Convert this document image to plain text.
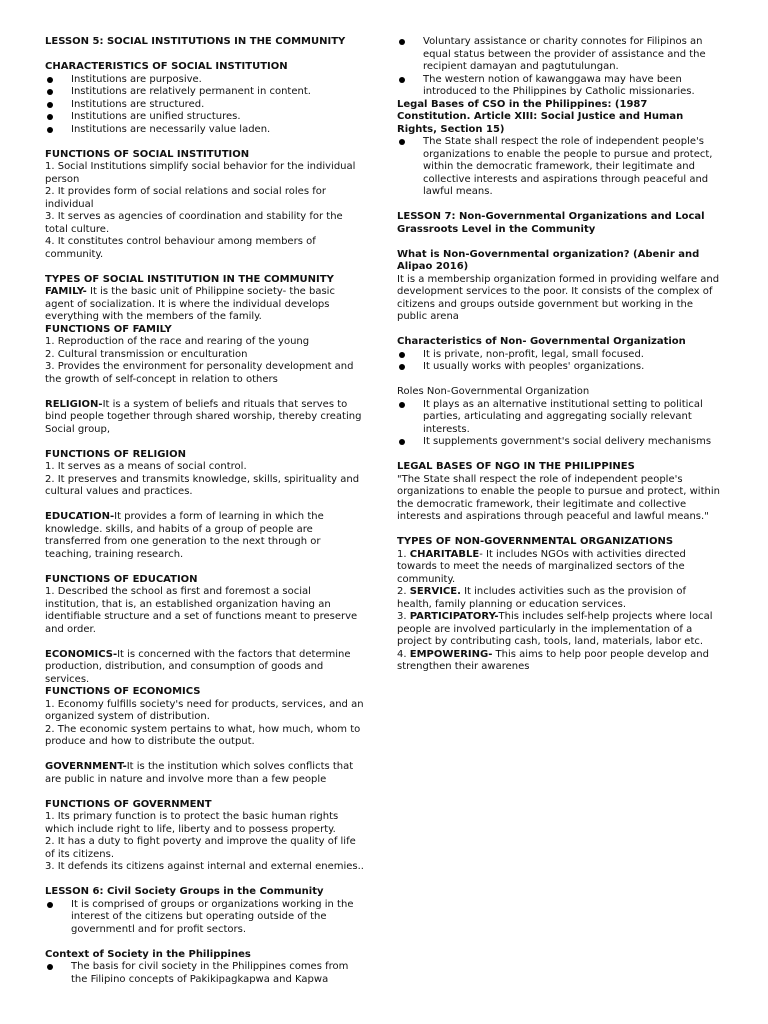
LESSON 5: SOCIAL INSTITUTIONS IN THE COMMUNITY

CHARACTERISTICS OF SOCIAL INSTITUTION

Institutions are purposive.
Institutions are relatively permanent in content.
Institutions are structured.
Institutions are unified structures.
Institutions are necessarily value laden.

FUNCTIONS OF SOCIAL INSTITUTION

1. Social Institutions simplify social behavior for the individual person

2. It provides form of social relations and social roles for individual

3. It serves as agencies of coordination and stability for the total culture.

4. It constitutes control behaviour among members of community.

TYPES OF SOCIAL INSTITUTION IN THE COMMUNITY

FAMILY- It is the basic unit of Philippine society- the basic agent of socialization. It is where the individual develops everything with the members of the family.

FUNCTIONS OF FAMILY

1. Reproduction of the race and rearing of the young

2. Cultural transmission or enculturation

3. Provides the environment for personality development and the growth of self-concept in relation to others

RELIGION-It is a system of beliefs and rituals that serves to bind people together through shared worship, thereby creating Social group,

FUNCTIONS OF RELIGION

1. It serves as a means of social control.

2. It preserves and transmits knowledge, skills, spirituality and cultural values and practices.

EDUCATION-It provides a form of learning in which the knowledge. skills, and habits of a group of people are transferred from one generation to the next through or teaching, training research.

FUNCTIONS OF EDUCATION

1. Described the school as first and foremost a social institution, that is, an established organization having an identifiable structure and a set of functions meant to preserve and order.

ECONOMICS-It is concerned with the factors that determine production, distribution, and consumption of goods and services.

FUNCTIONS OF ECONOMICS

1. Economy fulfills society's need for products, services, and an organized system of distribution.

2. The economic system pertains to what, how much, whom to produce and how to distribute the output.

GOVERNMENT-It is the institution which solves conflicts that are public in nature and involve more than a few people

FUNCTIONS OF GOVERNMENT

1. Its primary function is to protect the basic human rights which include right to life, liberty and to possess property.

2. It has a duty to fight poverty and improve the quality of life of its citizens.

3. It defends its citizens against internal and external enemies..

LESSON 6: Civil Society Groups in the Community

It is comprised of groups or organizations working in the interest of the citizens but operating outside of the governmentl and for profit sectors.

Context of Society in the Philippines

The basis for civil society in the Philippines comes from the Filipino concepts of Pakikipagkapwa and Kapwa
Voluntary assistance or charity connotes for Filipinos an equal status between the provider of assistance and the recipient damayan and pagtutulungan.
The western notion of kawanggawa may have been introduced to the Philippines by Catholic missionaries.

Legal Bases of CSO in the Philippines: (1987 Constitution. Article XIII: Social Justice and Human Rights, Section 15)

The State shall respect the role of independent people's organizations to enable the people to pursue and protect, within the democratic framework, their legitimate and collective interests and aspirations through peaceful and lawful means.

LESSON 7: Non-Governmental Organizations and Local Grassroots Level in the Community

What is Non-Governmental organization? (Abenir and Alipao 2016)

It is a membership organization formed in providing welfare and development services to the poor. It consists of the complex of citizens and groups outside government but working in the public arena

Characteristics of Non- Governmental Organization

It is private, non-profit, legal, small focused.
It usually works with peoples' organizations.

Roles Non-Governmental Organization

It plays as an alternative institutional setting to political parties, articulating and aggregating socially relevant interests.
It supplements government's social delivery mechanisms

LEGAL BASES OF NGO IN THE PHILIPPINES

"The State shall respect the role of independent people's organizations to enable the people to pursue and protect, within the democratic framework, their legitimate and collective interests and aspirations through peaceful and lawful means."

TYPES OF NON-GOVERNMENTAL ORGANIZATIONS

1. CHARITABLE- It includes NGOs with activities directed towards to meet the needs of marginalized sectors of the community.

2. SERVICE. It includes activities such as the provision of health, family planning or education services.

3. PARTICIPATORY-This includes self-help projects where local people are involved particularly in the implementation of a project by contributing cash, tools, land, materials, labor etc.

4. EMPOWERING- This aims to help poor people develop and strengthen their awarenes
